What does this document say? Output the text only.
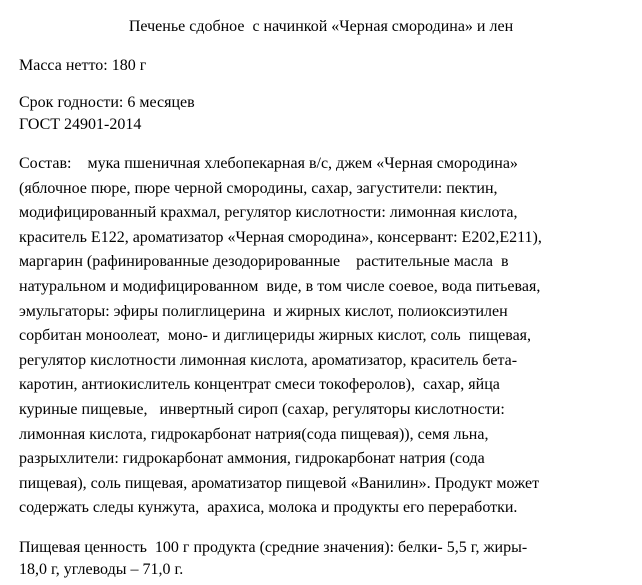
Печенье сдобное  с начинкой «Черная смородина» и лен
Масса нетто: 180 г
Срок годности: 6 месяцев
ГОСТ 24901-2014
Состав:    мука пшеничная хлебопекарная в/с, джем «Черная смородина»
(яблочное пюре, пюре черной смородины, сахар, загустители: пектин,
модифицированный крахмал, регулятор кислотности: лимонная кислота,
краситель Е122, ароматизатор «Черная смородина», консервант: Е202,Е211),
маргарин (рафинированные дезодорированные    растительные масла  в
натуральном и модифицированном  виде, в том числе соевое, вода питьевая,
эмульгаторы: эфиры полиглицерина  и жирных кислот, полиоксиэтилен
сорбитан моноолеат,  моно- и диглицериды жирных кислот, соль  пищевая,
регулятор кислотности лимонная кислота, ароматизатор, краситель бета-
каротин, антиокислитель концентрат смеси токоферолов),  сахар, яйца
куриные пищевые,   инвертный сироп (сахар, регуляторы кислотности:
лимонная кислота, гидрокарбонат натрия(сода пищевая)), семя льна,
разрыхлители: гидрокарбонат аммония, гидрокарбонат натрия (сода
пищевая), соль пищевая, ароматизатор пищевой «Ванилин». Продукт может
содержать следы кунжута,  арахиса, молока и продукты его переработки.
Пищевая ценность  100 г продукта (средние значения): белки- 5,5 г, жиры-
18,0 г, углеводы – 71,0 г.
